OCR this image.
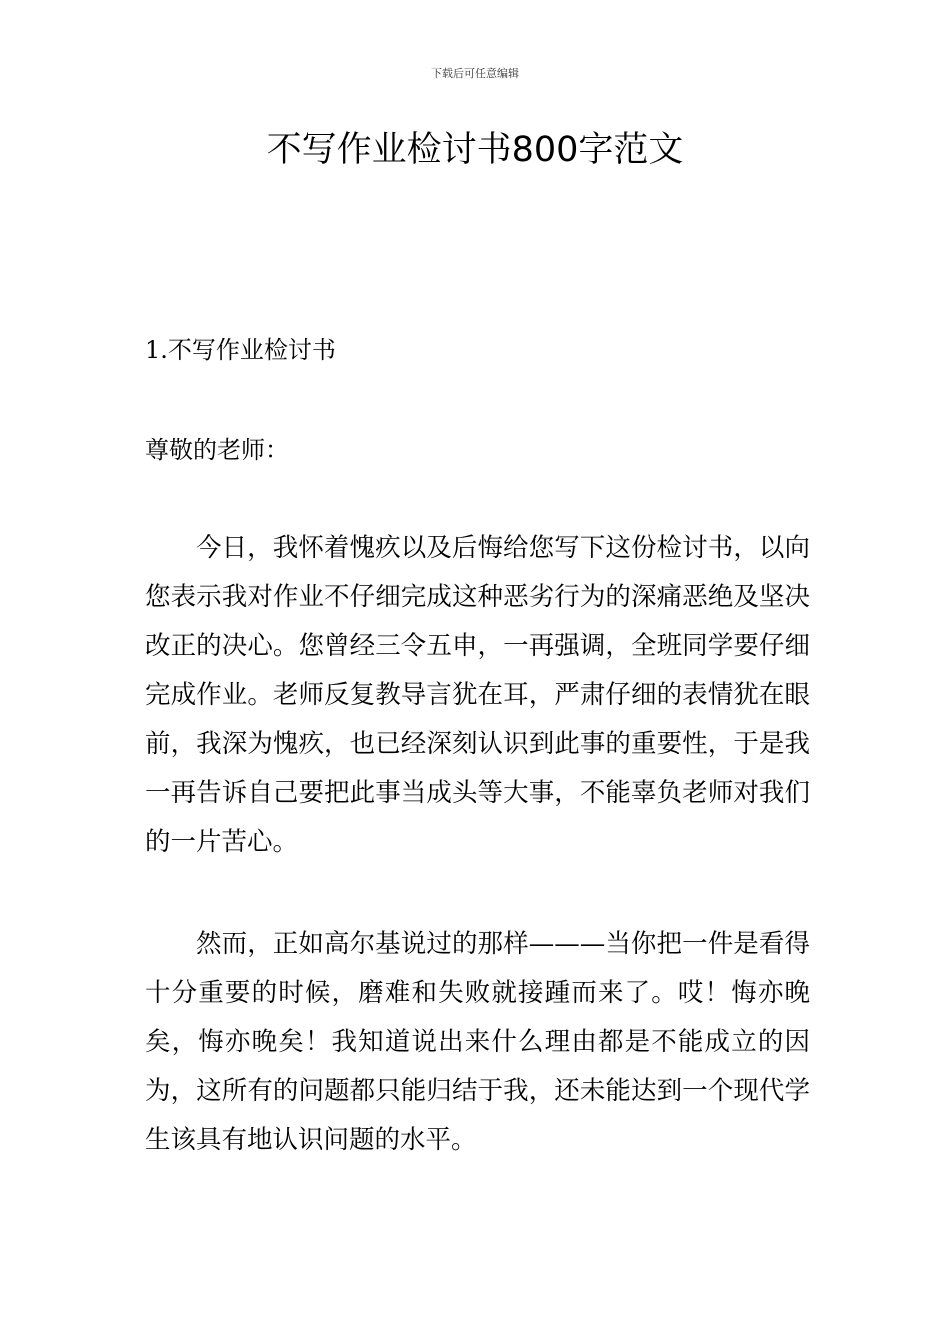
下载后可任意编辑
不写作业检讨书800字范文
1.不写作业检讨书

尊敬的老师：

今日，我怀着愧疚以及后悔给您写下这份检讨书，以向您表示我对作业不仔细完成这种恶劣行为的深痛恶绝及坚决改正的决心。您曾经三令五申，一再强调，全班同学要仔细完成作业。老师反复教导言犹在耳，严肃仔细的表情犹在眼前，我深为愧疚，也已经深刻认识到此事的重要性，于是我一再告诉自己要把此事当成头等大事，不能辜负老师对我们的一片苦心。

然而，正如高尔基说过的那样———当你把一件是看得十分重要的时候，磨难和失败就接踵而来了。哎！悔亦晚矣，悔亦晚矣！我知道说出来什么理由都是不能成立的因为，这所有的问题都只能归结于我，还未能达到一个现代学生该具有地认识问题的水平。
